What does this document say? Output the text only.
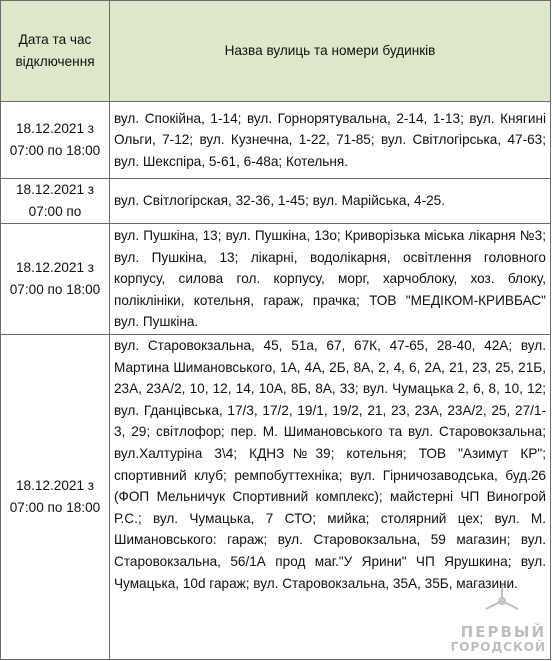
Дата та час відключення	Назва вулиць та номери будинків
18.12.2021 з 07:00 по 18:00	вул. Спокійна, 1-14; вул. Горнорятувальна, 2-14, 1-13; вул. Княгині Ольги, 7-12; вул. Кузнечна, 1-22, 71-85; вул. Світлогірська, 47-63; вул. Шекспіра, 5-61, 6-48а; Котельня.
18.12.2021 з 07:00 по	вул. Світлогірская, 32-36, 1-45; вул. Марійська, 4-25.
18.12.2021 з 07:00 по 18:00	вул. Пушкіна, 13; вул. Пушкіна, 13о; Криворізька міська лікарня №3; вул. Пушкіна, 13; лікарні, водолікарня, освітлення головного корпусу, силова гол. корпусу, морг, харчоблоку, хоз. блоку, поліклініки, котельня, гараж, прачка; ТОВ "МЕДІКОМ-КРИВБАС" вул. Пушкіна.
18.12.2021 з 07:00 по 18:00	вул. Старовокзальна, 45, 51а, 67, 67К, 47-65, 28-40, 42А; вул. Мартина Шимановського, 1А, 4А, 2Б, 8А, 2, 4, 6, 2А, 21, 23, 25, 21Б, 23А, 23А/2, 10, 12, 14, 10А, 8Б, 8А, 33; вул. Чумацька 2, 6, 8, 10, 12; вул. Гданцівська, 17/3, 17/2, 19/1, 19/2, 21, 23, 23А, 23А/2, 25, 27/1-3, 29; світлофор; пер. М. Шимановського та вул. Старовокзальна; вул.Халтуріна 3\4; КДНЗ№39; котельня; ТОВ "Азимут КР"; спортивний клуб; ремпобуттехніка; вул. Гірничозаводська, буд.26 (ФОП Мельничук Спортивний комплекс); майстерні ЧП Виногрой Р.С.; вул. Чумацька, 7 СТО; мийка; столярний цех; вул. М. Шимановського: гараж; вул. Старовокзальна, 59 магазин; вул. Старовокзальна, 56/1А прод маг."У Ярини" ЧП Ярушкина; вул. Чумацька, 10d гараж; вул. Старовокзальна, 35А, 35Б, магазини.
ПЕРВЫЙ
ГОРОДСКОЙ
